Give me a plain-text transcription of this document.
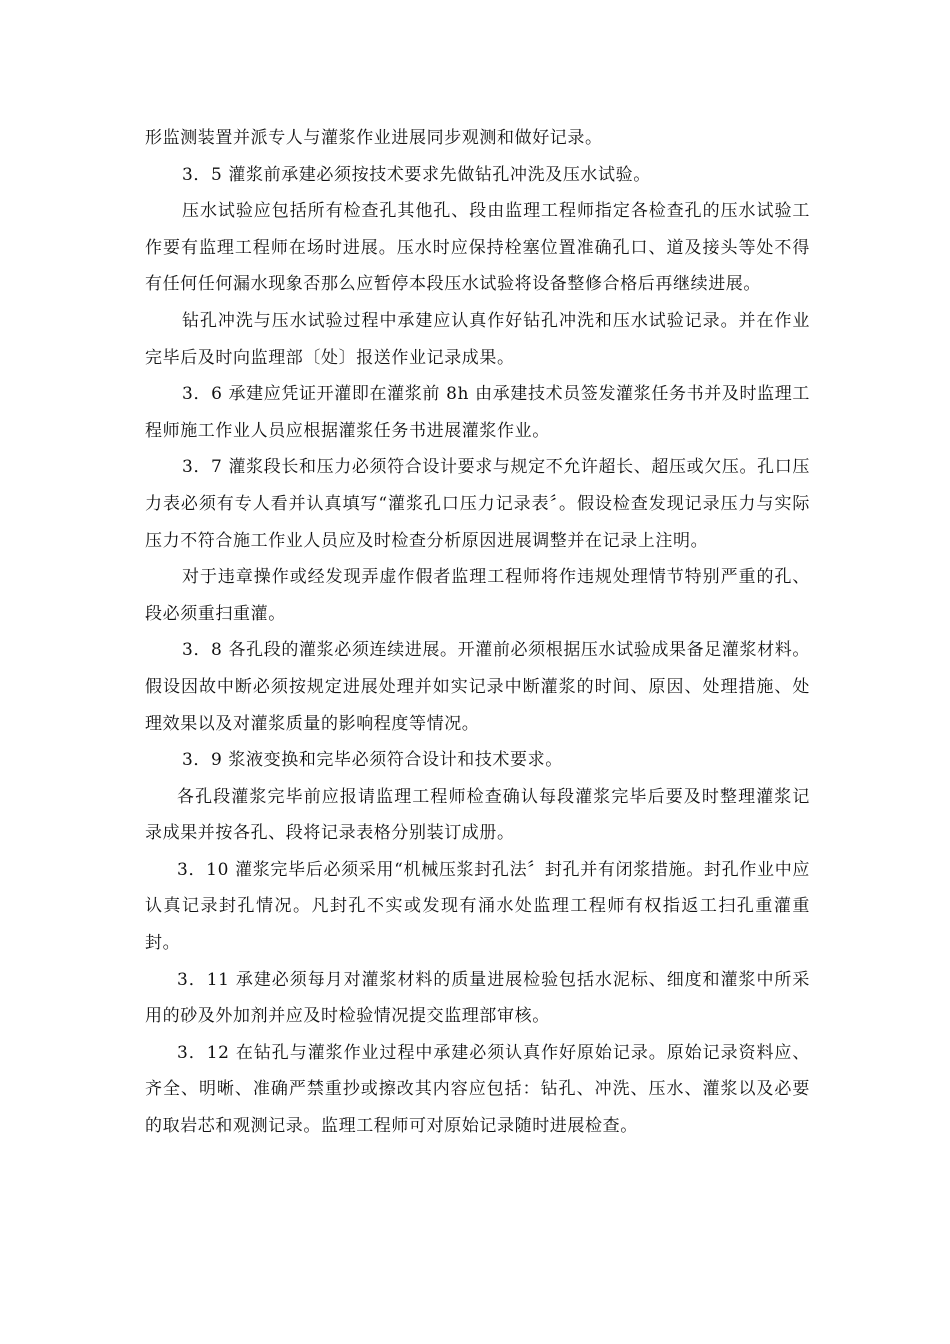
形监测装置并派专人与灌浆作业进展同步观测和做好记录。

3．5 灌浆前承建必须按技术要求先做钻孔冲洗及压水试验。

压水试验应包括所有检查孔其他孔、段由监理工程师指定各检查孔的压水试验工作要有监理工程师在场时进展。压水时应保持栓塞位置准确孔口、道及接头等处不得有任何任何漏水现象否那么应暂停本段压水试验将设备整修合格后再继续进展。

钻孔冲洗与压水试验过程中承建应认真作好钻孔冲洗和压水试验记录。并在作业完毕后及时向监理部〔处〕报送作业记录成果。

3．6 承建应凭证开灌即在灌浆前 8h 由承建技术员签发灌浆任务书并及时监理工程师施工作业人员应根据灌浆任务书进展灌浆作业。

3．7 灌浆段长和压力必须符合设计要求与规定不允许超长、超压或欠压。孔口压力表必须有专人看并认真填写“灌浆孔口压力记录表〞。假设检查发现记录压力与实际压力不符合施工作业人员应及时检查分析原因进展调整并在记录上注明。

对于违章操作或经发现弄虚作假者监理工程师将作违规处理情节特别严重的孔、段必须重扫重灌。

3．8 各孔段的灌浆必须连续进展。开灌前必须根据压水试验成果备足灌浆材料。假设因故中断必须按规定进展处理并如实记录中断灌浆的时间、原因、处理措施、处理效果以及对灌浆质量的影响程度等情况。

3．9 浆液变换和完毕必须符合设计和技术要求。

各孔段灌浆完毕前应报请监理工程师检查确认每段灌浆完毕后要及时整理灌浆记录成果并按各孔、段将记录表格分别装订成册。

3．10 灌浆完毕后必须采用“机械压浆封孔法〞封孔并有闭浆措施。封孔作业中应认真记录封孔情况。凡封孔不实或发现有涌水处监理工程师有权指返工扫孔重灌重封。

3．11 承建必须每月对灌浆材料的质量进展检验包括水泥标、细度和灌浆中所采用的砂及外加剂并应及时检验情况提交监理部审核。

3．12 在钻孔与灌浆作业过程中承建必须认真作好原始记录。原始记录资料应、齐全、明晰、准确严禁重抄或擦改其内容应包括：钻孔、冲洗、压水、灌浆以及必要的取岩芯和观测记录。监理工程师可对原始记录随时进展检查。
